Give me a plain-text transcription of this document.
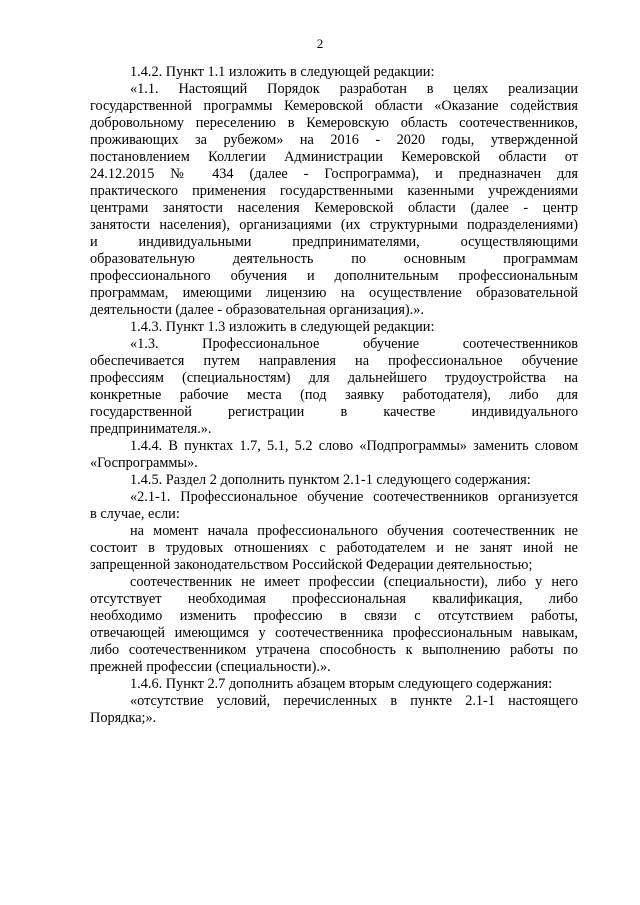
2
1.4.2. Пункт 1.1 изложить в следующей редакции:
«1.1. Настоящий Порядок разработан в целях реализации
государственной программы Кемеровской области «Оказание содействия
добровольному переселению в Кемеровскую область соотечественников,
проживающих за рубежом» на 2016 - 2020 годы, утвержденной
постановлением Коллегии Администрации Кемеровской области от
24.12.2015 № 434 (далее - Госпрограмма), и предназначен для
практического применения государственными казенными учреждениями
центрами занятости населения Кемеровской области (далее - центр
занятости населения), организациями (их структурными подразделениями)
и индивидуальными предпринимателями, осуществляющими
образовательную деятельность по основным программам
профессионального обучения и дополнительным профессиональным
программам, имеющими лицензию на осуществление образовательной
деятельности (далее - образовательная организация).».
1.4.3. Пункт 1.3 изложить в следующей редакции:
«1.3. Профессиональное обучение соотечественников
обеспечивается путем направления на профессиональное обучение
профессиям (специальностям) для дальнейшего трудоустройства на
конкретные рабочие места (под заявку работодателя), либо для
государственной регистрации в качестве индивидуального
предпринимателя.».
1.4.4. В пунктах 1.7, 5.1, 5.2 слово «Подпрограммы» заменить словом
«Госпрограммы».
1.4.5. Раздел 2 дополнить пунктом 2.1-1 следующего содержания:
«2.1-1. Профессиональное обучение соотечественников организуется
в случае, если:
на момент начала профессионального обучения соотечественник не
состоит в трудовых отношениях с работодателем и не занят иной не
запрещенной законодательством Российской Федерации деятельностью;
соотечественник не имеет профессии (специальности), либо у него
отсутствует необходимая профессиональная квалификация, либо
необходимо изменить профессию в связи с отсутствием работы,
отвечающей имеющимся у соотечественника профессиональным навыкам,
либо соотечественником утрачена способность к выполнению работы по
прежней профессии (специальности).».
1.4.6. Пункт 2.7 дополнить абзацем вторым следующего содержания:
«отсутствие условий, перечисленных в пункте 2.1-1 настоящего
Порядка;».
